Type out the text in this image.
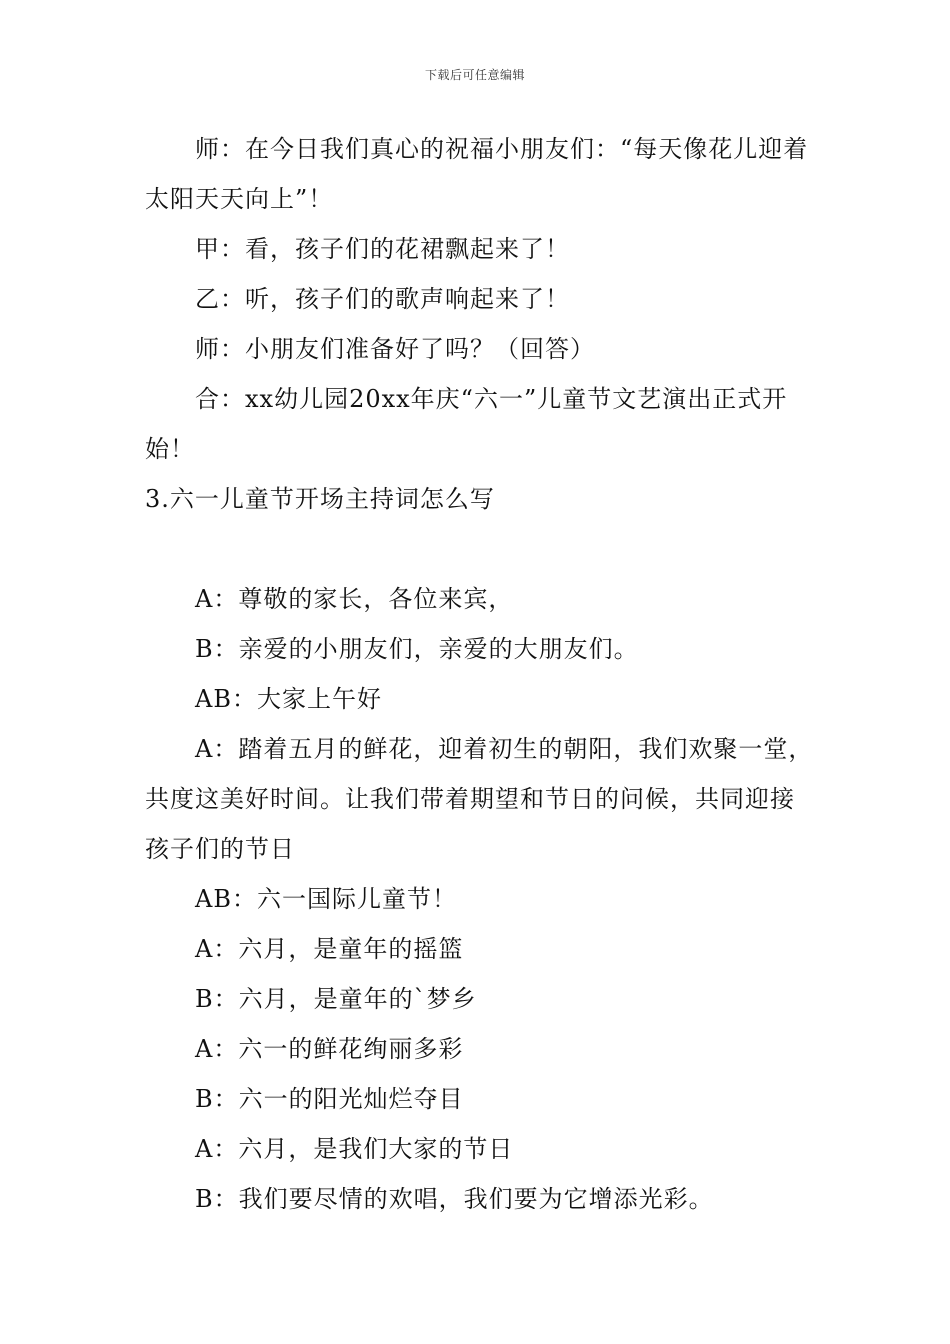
下载后可任意编辑

师：在今日我们真心的祝福小朋友们：“每天像花儿迎着太阳天天向上”！

甲：看，孩子们的花裙飘起来了！

乙：听，孩子们的歌声响起来了！

师：小朋友们准备好了吗？（回答）

合：xx幼儿园20xx年庆“六一”儿童节文艺演出正式开始！

3.六一儿童节开场主持词怎么写

A：尊敬的家长，各位来宾，

B：亲爱的小朋友们，亲爱的大朋友们。

AB：大家上午好

A：踏着五月的鲜花，迎着初生的朝阳，我们欢聚一堂，共度这美好时间。让我们带着期望和节日的问候，共同迎接孩子们的节日

AB：六一国际儿童节！

A：六月，是童年的摇篮

B：六月，是童年的`梦乡

A：六一的鲜花绚丽多彩

B：六一的阳光灿烂夺目

A：六月，是我们大家的节日

B：我们要尽情的欢唱，我们要为它增添光彩。
